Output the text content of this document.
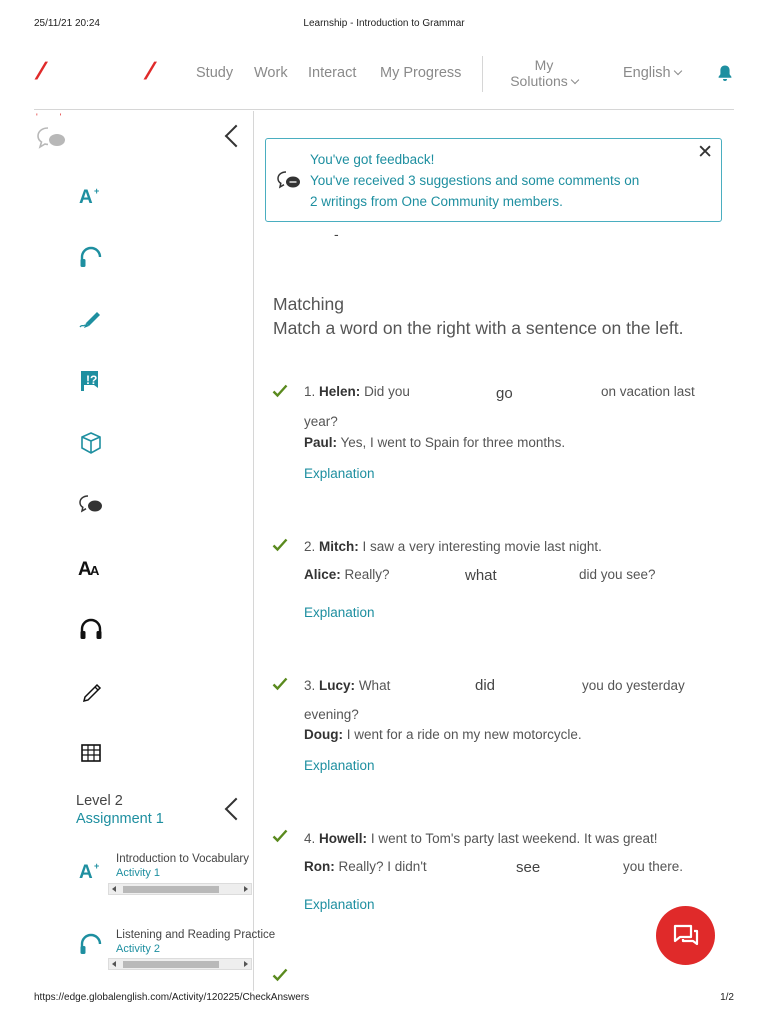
25/11/21 20:24	Learnship - Introduction to Grammar
/	/	Study Work Interact My Progress	My
Solutions	English
''
A +
!?
A
A
Level 2
Assignment 1
A +
Introduction to Vocabulary
Activity 1
Listening and Reading Practice
Activity 2
You've got feedback!
You've received 3 suggestions and some comments on
2 writings from One Community members.
✕
-
Matching
Match a word on the right with a sentence on the left.
1. Helen: Did you	go	on vacation last
year?
Paul: Yes, I went to Spain for three months.
Explanation
2. Mitch: I saw a very interesting movie last night.
Alice: Really?	what	did you see?
Explanation
3. Lucy: What	did	you do yesterday
evening?
Doug: I went for a ride on my new motorcycle.
Explanation
4. Howell: I went to Tom's party last weekend. It was great!
Ron: Really? I didn't	see	you there.
Explanation
https://edge.globalenglish.com/Activity/120225/CheckAnswers	1/2
